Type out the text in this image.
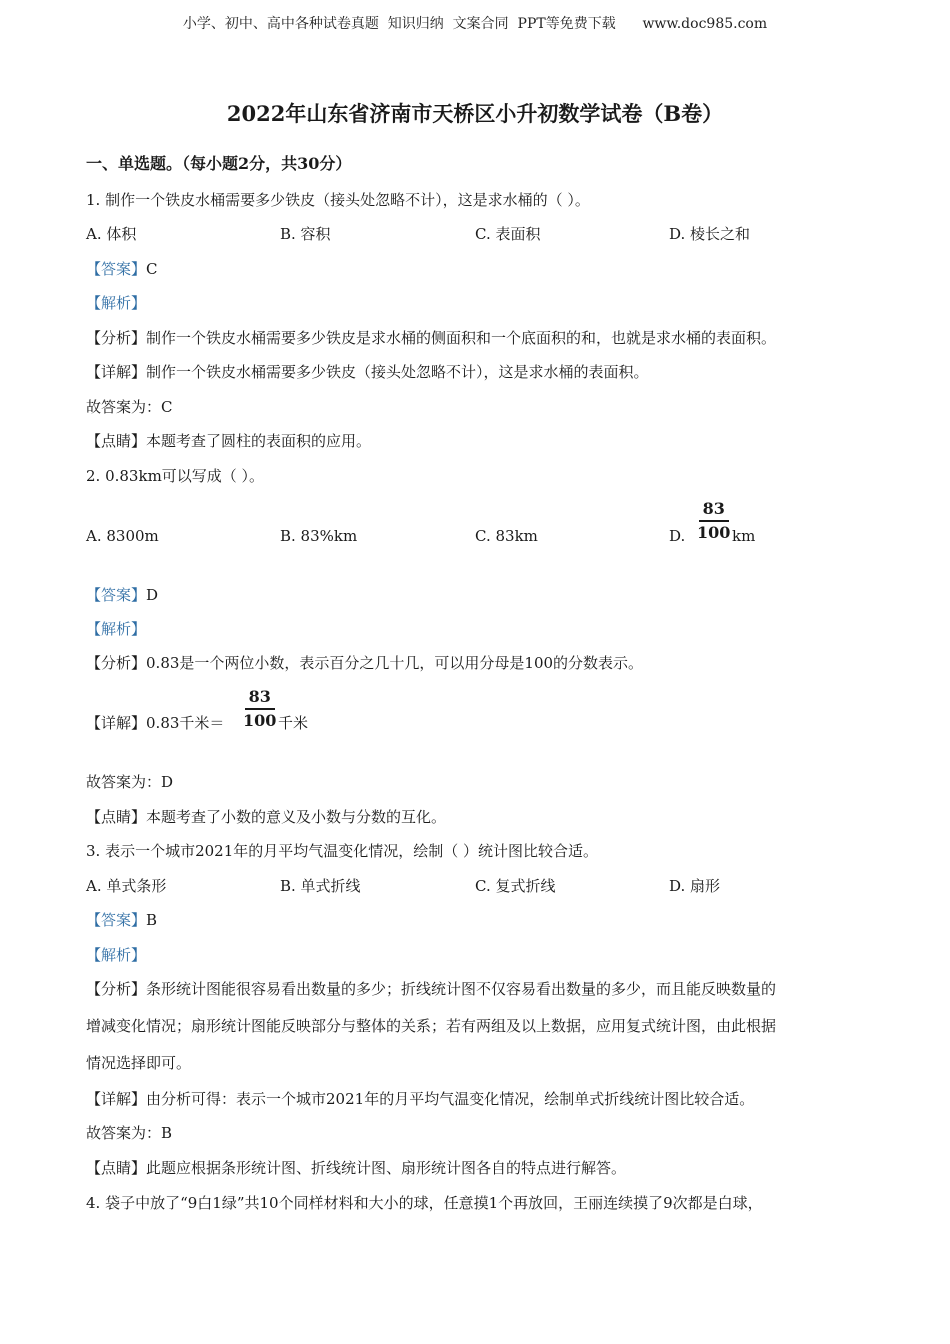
小学、初中、高中各种试卷真题  知识归纳  文案合同  PPT等免费下载      www.doc985.com
2022年山东省济南市天桥区小升初数学试卷（B卷）
一、单选题。（每小题2分，共30分）
1. 制作一个铁皮水桶需要多少铁皮（接头处忽略不计），这是求水桶的（ ）。
A. 体积	B. 容积	C. 表面积	D. 棱长之和
【答案】C
【解析】
【分析】制作一个铁皮水桶需要多少铁皮是求水桶的侧面积和一个底面积的和，也就是求水桶的表面积。
【详解】制作一个铁皮水桶需要多少铁皮（接头处忽略不计），这是求水桶的表面积。
故答案为：C
【点睛】本题考查了圆柱的表面积的应用。
2. 0.83km可以写成（ ）。
A. 8300m	B. 83%km	C. 83km	D.
83
100 km
【答案】D
【解析】
【分析】0.83是一个两位小数，表示百分之几十几，可以用分母是100的分数表示。
【详解】0.83千米＝
83
100 千米
故答案为：D
【点睛】本题考查了小数的意义及小数与分数的互化。
3. 表示一个城市2021年的月平均气温变化情况，绘制（ ）统计图比较合适。
A. 单式条形	B. 单式折线	C. 复式折线	D. 扇形
【答案】B
【解析】
【分析】条形统计图能很容易看出数量的多少；折线统计图不仅容易看出数量的多少，而且能反映数量的
增减变化情况；扇形统计图能反映部分与整体的关系；若有两组及以上数据，应用复式统计图，由此根据
情况选择即可。
【详解】由分析可得：表示一个城市2021年的月平均气温变化情况，绘制单式折线统计图比较合适。
故答案为：B
【点睛】此题应根据条形统计图、折线统计图、扇形统计图各自的特点进行解答。
4. 袋子中放了“9白1绿”共10个同样材料和大小的球，任意摸1个再放回，王丽连续摸了9次都是白球，
